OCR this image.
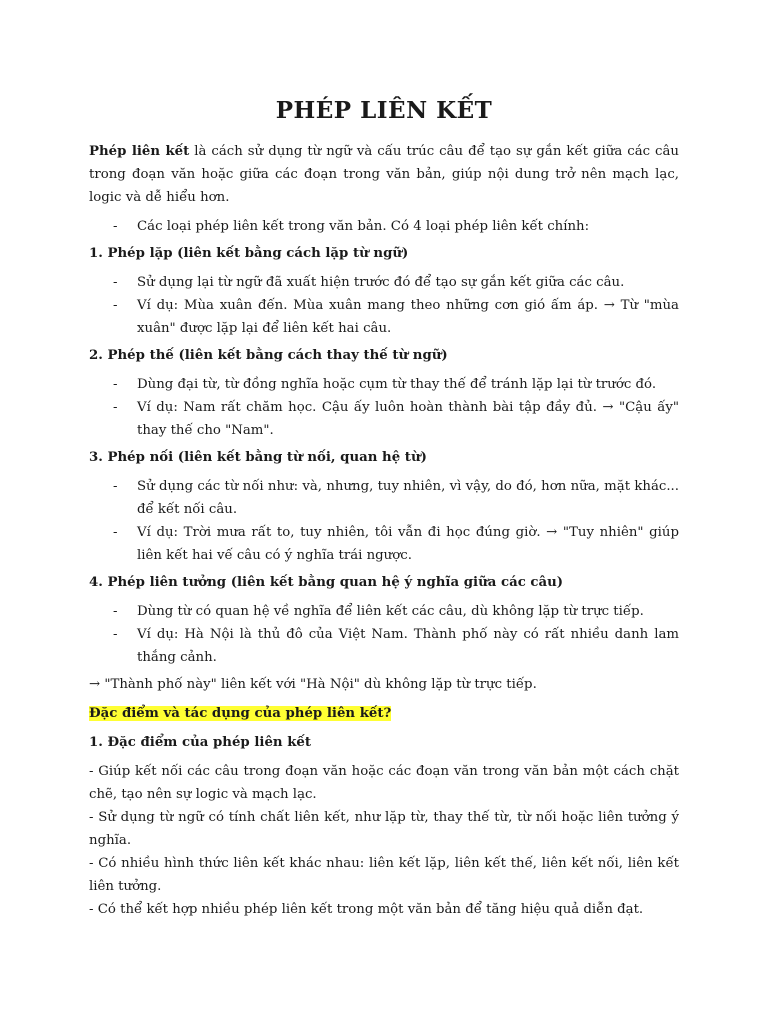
PHÉP LIÊN KẾT

Phép liên kết là cách sử dụng từ ngữ và cấu trúc câu để tạo sự gắn kết giữa các câu trong đoạn văn hoặc giữa các đoạn trong văn bản, giúp nội dung trở nên mạch lạc, logic và dễ hiểu hơn.

- Các loại phép liên kết trong văn bản. Có 4 loại phép liên kết chính:

1. Phép lặp (liên kết bằng cách lặp từ ngữ)

- Sử dụng lại từ ngữ đã xuất hiện trước đó để tạo sự gắn kết giữa các câu.
- Ví dụ: Mùa xuân đến. Mùa xuân mang theo những cơn gió ấm áp. → Từ "mùa xuân" được lặp lại để liên kết hai câu.

2. Phép thế (liên kết bằng cách thay thế từ ngữ)

- Dùng đại từ, từ đồng nghĩa hoặc cụm từ thay thế để tránh lặp lại từ trước đó.
- Ví dụ: Nam rất chăm học. Cậu ấy luôn hoàn thành bài tập đầy đủ. → "Cậu ấy" thay thế cho "Nam".

3. Phép nối (liên kết bằng từ nối, quan hệ từ)

- Sử dụng các từ nối như: và, nhưng, tuy nhiên, vì vậy, do đó, hơn nữa, mặt khác... để kết nối câu.
- Ví dụ: Trời mưa rất to, tuy nhiên, tôi vẫn đi học đúng giờ. → "Tuy nhiên" giúp liên kết hai vế câu có ý nghĩa trái ngược.

4. Phép liên tưởng (liên kết bằng quan hệ ý nghĩa giữa các câu)

- Dùng từ có quan hệ về nghĩa để liên kết các câu, dù không lặp từ trực tiếp.
- Ví dụ: Hà Nội là thủ đô của Việt Nam. Thành phố này có rất nhiều danh lam thắng cảnh.

→ "Thành phố này" liên kết với "Hà Nội" dù không lặp từ trực tiếp.

Đặc điểm và tác dụng của phép liên kết?

1. Đặc điểm của phép liên kết

- Giúp kết nối các câu trong đoạn văn hoặc các đoạn văn trong văn bản một cách chặt chẽ, tạo nên sự logic và mạch lạc.

- Sử dụng từ ngữ có tính chất liên kết, như lặp từ, thay thế từ, từ nối hoặc liên tưởng ý nghĩa.

- Có nhiều hình thức liên kết khác nhau: liên kết lặp, liên kết thế, liên kết nối, liên kết liên tưởng.

- Có thể kết hợp nhiều phép liên kết trong một văn bản để tăng hiệu quả diễn đạt.
